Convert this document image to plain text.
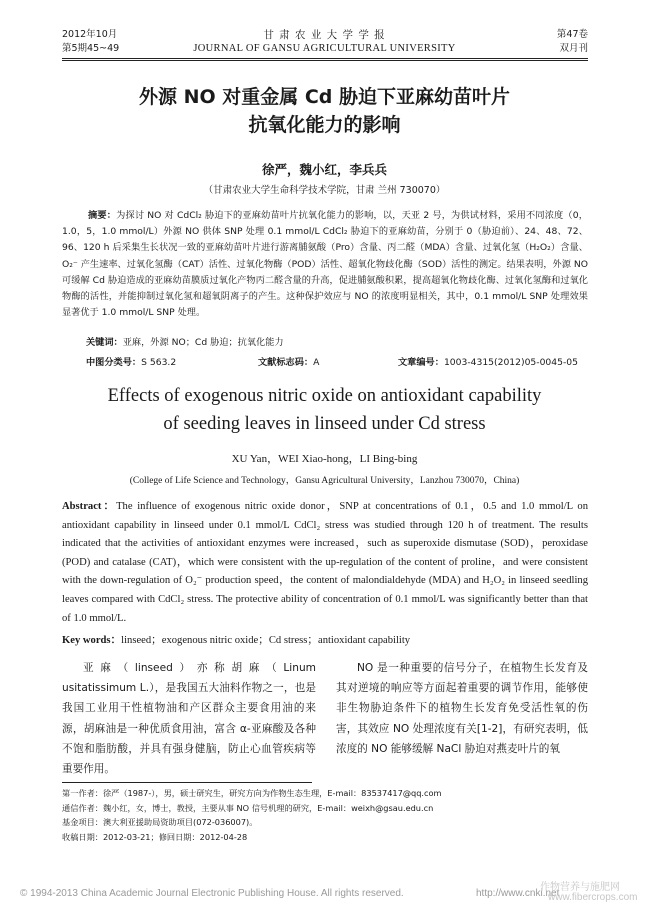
2012年10月
第5期45~49
甘 肃 农 业 大 学 学 报
JOURNAL OF GANSU AGRICULTURAL UNIVERSITY
第47卷
双月刊
外源 NO 对重金属 Cd 胁迫下亚麻幼苗叶片
抗氧化能力的影响
徐严，魏小红，李兵兵
（甘肃农业大学生命科学技术学院，甘肃 兰州 730070）
摘要：为探讨 NO 对 CdCl₂ 胁迫下的亚麻幼苗叶片抗氧化能力的影响，以，天亚 2 号，为供试材料，采用不同浓度（0，1.0，5，1.0 mmol/L）外源 NO 供体 SNP 处理 0.1 mmol/L CdCl₂ 胁迫下的亚麻幼苗，分别于 0（胁迫前）、24、48、72、96、120 h 后采集生长状况一致的亚麻幼苗叶片进行游离脯氨酸（Pro）含量、丙二醛（MDA）含量、过氧化氢（H₂O₂）含量、O₂⁻ 产生速率、过氧化氢酶（CAT）活性、过氧化物酶（POD）活性、超氧化物歧化酶（SOD）活性的测定。结果表明，外源 NO 可缓解 Cd 胁迫造成的亚麻幼苗膜质过氧化产物丙二醛含量的升高，促进脯氨酸积累，提高超氧化物歧化酶、过氧化氢酶和过氧化物酶的活性，并能抑制过氧化氢和超氧阴离子的产生。这种保护效应与 NO 的浓度明显相关，其中，0.1 mmol/L SNP 处理效果显著优于 1.0 mmol/L SNP 处理。
关键词：亚麻，外源 NO；Cd 胁迫；抗氧化能力
中图分类号：S 563.2	文献标志码：A	文章编号：1003-4315(2012)05-0045-05
Effects of exogenous nitric oxide on antioxidant capability
of seeding leaves in linseed under Cd stress
XU Yan，WEI Xiao-hong，LI Bing-bing
(College of Life Science and Technology，Gansu Agricultural University，Lanzhou 730070，China)
Abstract：The influence of exogenous nitric oxide donor，SNP at concentrations of 0.1，0.5 and 1.0 mmol/L on antioxidant capability in linseed under 0.1 mmol/L CdCl₂ stress was studied through 120 h of treatment. The results indicated that the activities of antioxidant enzymes were increased，such as superoxide dismutase (SOD)，peroxidase (POD) and catalase (CAT)，which were consistent with the up-regulation of the content of proline，and were consistent with the down-regulation of O₂⁻ production speed，the content of malondialdehyde (MDA) and H₂O₂ in linseed seedling leaves compared with CdCl₂ stress. The protective ability of concentration of 0.1 mmol/L was significantly better than that of 1.0 mmol/L.
Key words：linseed；exogenous nitric oxide；Cd stress；antioxidant capability
亚麻（linseed）亦称胡麻（Linum usitatissimum L.），是我国五大油料作物之一，也是我国工业用干性植物油和产区群众主要食用油的来源，胡麻油是一种优质食用油，富含 α-亚麻酸及各种不饱和脂肪酸，并具有强身健脑，防止心血管疾病等重要作用。
NO 是一种重要的信号分子，在植物生长发育及其对逆境的响应等方面起着重要的调节作用，能够使非生物胁迫条件下的植物生长发育免受活性氧的伤害，其效应 NO 处理浓度有关[1-2]，有研究表明，低浓度的 NO 能够缓解 NaCl 胁迫对燕麦叶片的氧
第一作者：徐严（1987-），男，硕士研究生，研究方向为作物生态生理，E-mail：83537417@qq.com
通信作者：魏小红，女，博士，教授，主要从事 NO 信号机理的研究，E-mail：weixh@gsau.edu.cn
基金项目：澳大利亚援助局资助项目(072-036007)。
收稿日期：2012-03-21；修回日期：2012-04-28
© 1994-2013 China Academic Journal Electronic Publishing House. All rights reserved.	http://www.cnki.net
作物营养与施肥网
www.fibercrops.com
